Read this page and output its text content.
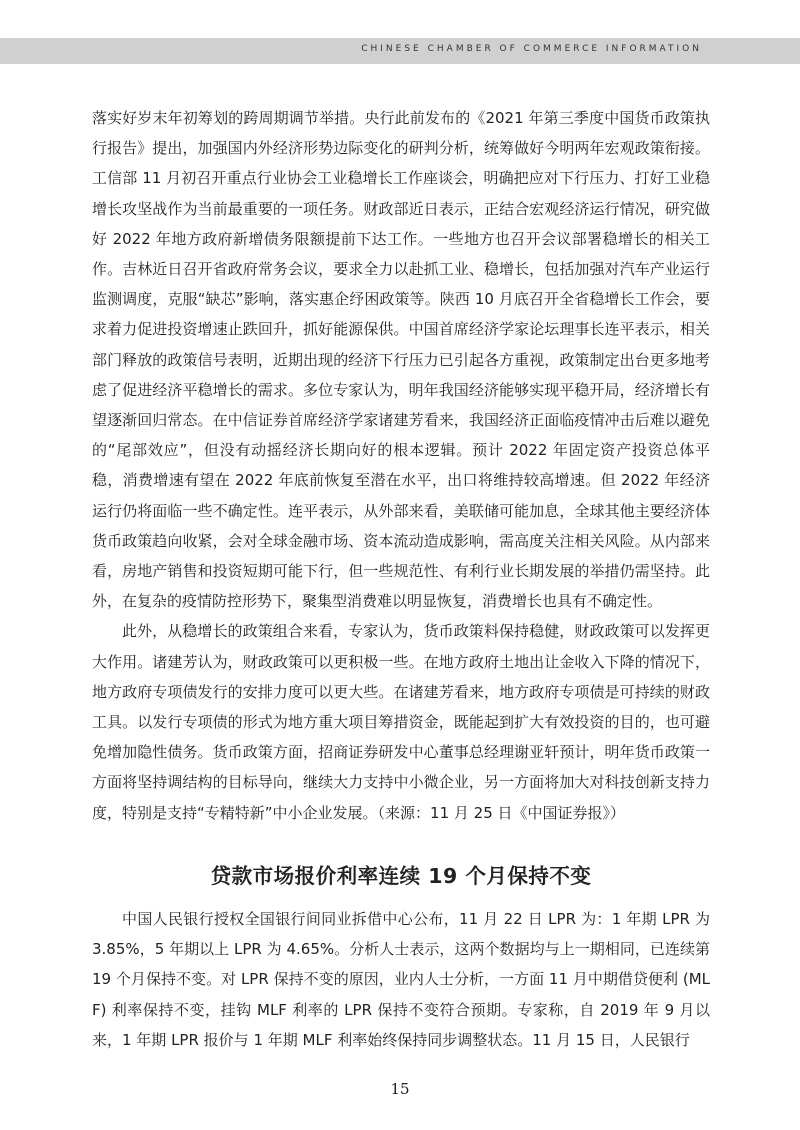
CHINESE CHAMBER OF COMMERCE INFORMATION

落实好岁末年初筹划的跨周期调节举措。央行此前发布的《2021 年第三季度中国货币政策执行报告》提出，加强国内外经济形势边际变化的研判分析，统筹做好今明两年宏观政策衔接。工信部 11 月初召开重点行业协会工业稳增长工作座谈会，明确把应对下行压力、打好工业稳增长攻坚战作为当前最重要的一项任务。财政部近日表示，正结合宏观经济运行情况，研究做好 2022 年地方政府新增债务限额提前下达工作。一些地方也召开会议部署稳增长的相关工作。吉林近日召开省政府常务会议，要求全力以赴抓工业、稳增长，包括加强对汽车产业运行监测调度，克服“缺芯”影响，落实惠企纾困政策等。陕西 10 月底召开全省稳增长工作会，要求着力促进投资增速止跌回升，抓好能源保供。中国首席经济学家论坛理事长连平表示，相关部门释放的政策信号表明，近期出现的经济下行压力已引起各方重视，政策制定出台更多地考虑了促进经济平稳增长的需求。多位专家认为，明年我国经济能够实现平稳开局，经济增长有望逐渐回归常态。在中信证券首席经济学家诸建芳看来，我国经济正面临疫情冲击后难以避免的“尾部效应”，但没有动摇经济长期向好的根本逻辑。预计 2022 年固定资产投资总体平稳，消费增速有望在 2022 年底前恢复至潜在水平，出口将维持较高增速。但 2022 年经济运行仍将面临一些不确定性。连平表示，从外部来看，美联储可能加息，全球其他主要经济体货币政策趋向收紧，会对全球金融市场、资本流动造成影响，需高度关注相关风险。从内部来看，房地产销售和投资短期可能下行，但一些规范性、有利行业长期发展的举措仍需坚持。此外，在复杂的疫情防控形势下，聚集型消费难以明显恢复，消费增长也具有不确定性。

此外，从稳增长的政策组合来看，专家认为，货币政策料保持稳健，财政政策可以发挥更大作用。诸建芳认为，财政政策可以更积极一些。在地方政府土地出让金收入下降的情况下，地方政府专项债发行的安排力度可以更大些。在诸建芳看来，地方政府专项债是可持续的财政工具。以发行专项债的形式为地方重大项目筹措资金，既能起到扩大有效投资的目的，也可避免增加隐性债务。货币政策方面，招商证券研发中心董事总经理谢亚轩预计，明年货币政策一方面将坚持调结构的目标导向，继续大力支持中小微企业，另一方面将加大对科技创新支持力度，特别是支持“专精特新”中小企业发展。（来源：11 月 25 日《中国证券报》）

贷款市场报价利率连续 19 个月保持不变

中国人民银行授权全国银行间同业拆借中心公布，11 月 22 日 LPR 为：1 年期 LPR 为 3.85%，5 年期以上 LPR 为 4.65%。分析人士表示，这两个数据均与上一期相同，已连续第 19 个月保持不变。对 LPR 保持不变的原因，业内人士分析，一方面 11 月中期借贷便利 (MLF) 利率保持不变，挂钩 MLF 利率的 LPR 保持不变符合预期。专家称，自 2019 年 9 月以来，1 年期 LPR 报价与 1 年期 MLF 利率始终保持同步调整状态。11 月 15 日，人民银行

15
